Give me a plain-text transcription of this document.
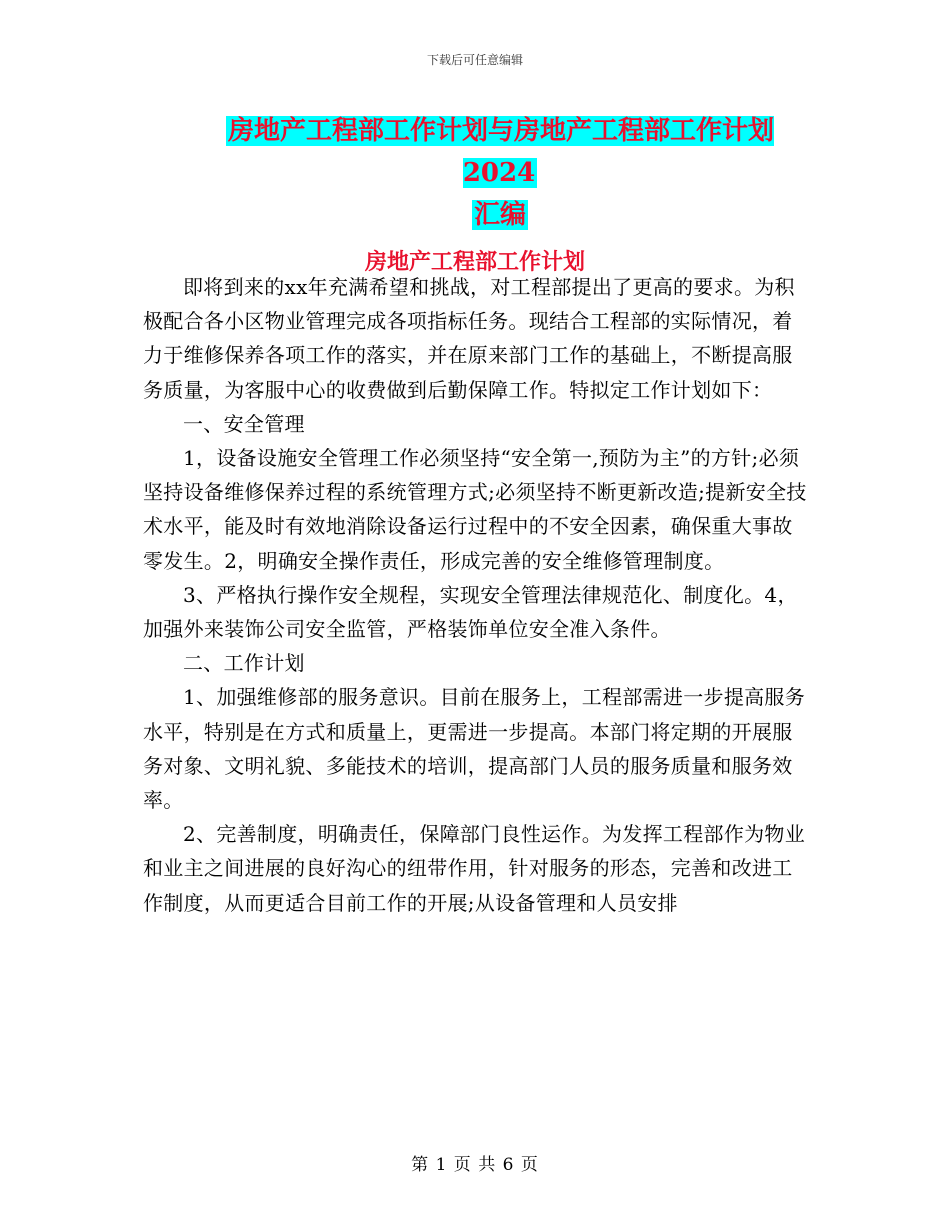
下载后可任意编辑
房地产工程部工作计划与房地产工程部工作计划2024
汇编
房地产工程部工作计划

即将到来的xx年充满希望和挑战，对工程部提出了更高的要求。为积极配合各小区物业管理完成各项指标任务。现结合工程部的实际情况，着力于维修保养各项工作的落实，并在原来部门工作的基础上，不断提高服务质量，为客服中心的收费做到后勤保障工作。特拟定工作计划如下：

一、安全管理

1，设备设施安全管理工作必须坚持“安全第一,预防为主”的方针;必须坚持设备维修保养过程的系统管理方式;必须坚持不断更新改造;提新安全技术水平，能及时有效地消除设备运行过程中的不安全因素，确保重大事故零发生。2，明确安全操作责任，形成完善的安全维修管理制度。

3、严格执行操作安全规程，实现安全管理法律规范化、制度化。4，加强外来装饰公司安全监管，严格装饰单位安全准入条件。

二、工作计划

1、加强维修部的服务意识。目前在服务上，工程部需进一步提高服务水平，特别是在方式和质量上，更需进一步提高。本部门将定期的开展服务对象、文明礼貌、多能技术的培训，提高部门人员的服务质量和服务效率。

2、完善制度，明确责任，保障部门良性运作。为发挥工程部作为物业和业主之间进展的良好沟心的纽带作用，针对服务的形态，完善和改进工作制度，从而更适合目前工作的开展;从设备管理和人员安排

第 1 页 共 6 页
